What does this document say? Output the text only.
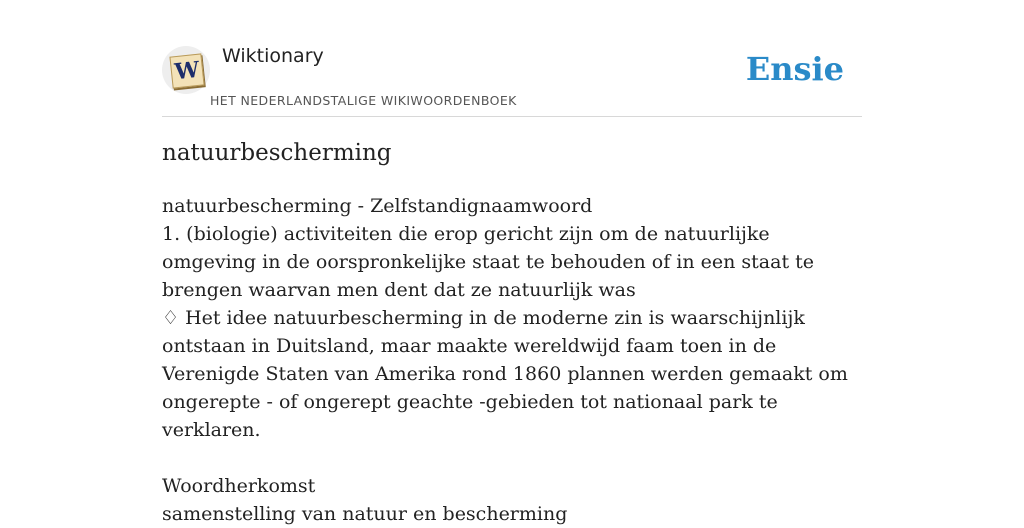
W
Wiktionary
HET NEDERLANDSTALIGE WIKIWOORDENBOEK
Ensie
natuurbescherming

natuurbescherming - Zelfstandignaamwoord

1. (biologie) activiteiten die erop gericht zijn om de natuurlijke omgeving in de oorspronkelijke staat te behouden of in een staat te brengen waarvan men dent dat ze natuurlijk was

♢ Het idee natuurbescherming in de moderne zin is waarschijnlijk ontstaan in Duitsland, maar maakte wereldwijd faam toen in de Verenigde Staten van Amerika rond 1860 plannen werden gemaakt om ongerepte - of ongerept geachte -gebieden tot nationaal park te verklaren.

Woordherkomst

samenstelling van natuur en bescherming
